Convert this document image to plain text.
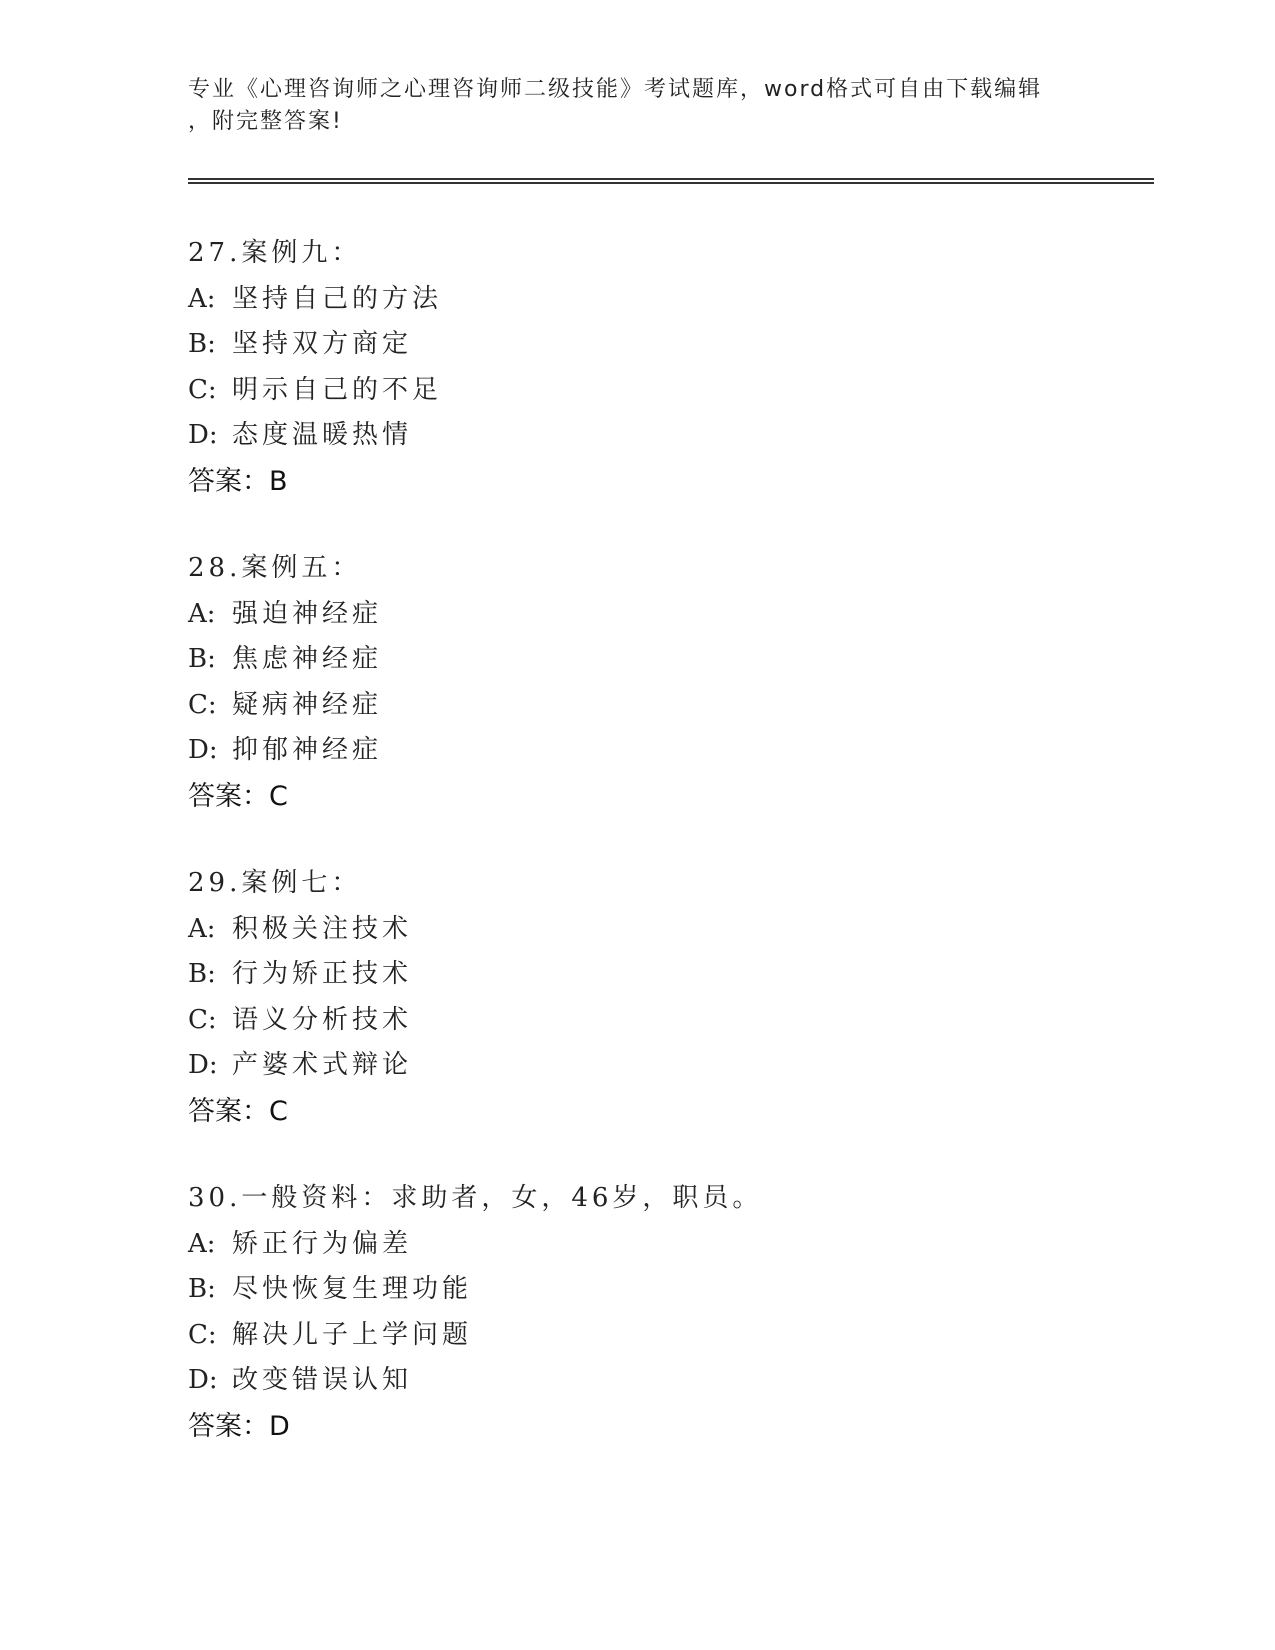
专业《心理咨询师之心理咨询师二级技能》考试题库，word格式可自由下载编辑
，附完整答案!
27.案例九：
A: 坚持自己的方法
B: 坚持双方商定
C: 明示自己的不足
D: 态度温暖热情
答案：B
28.案例五：
A: 强迫神经症
B: 焦虑神经症
C: 疑病神经症
D: 抑郁神经症
答案：C
29.案例七：
A: 积极关注技术
B: 行为矫正技术
C: 语义分析技术
D: 产婆术式辩论
答案：C
30.一般资料：求助者，女，46岁，职员。
A: 矫正行为偏差
B: 尽快恢复生理功能
C: 解决儿子上学问题
D: 改变错误认知
答案：D
